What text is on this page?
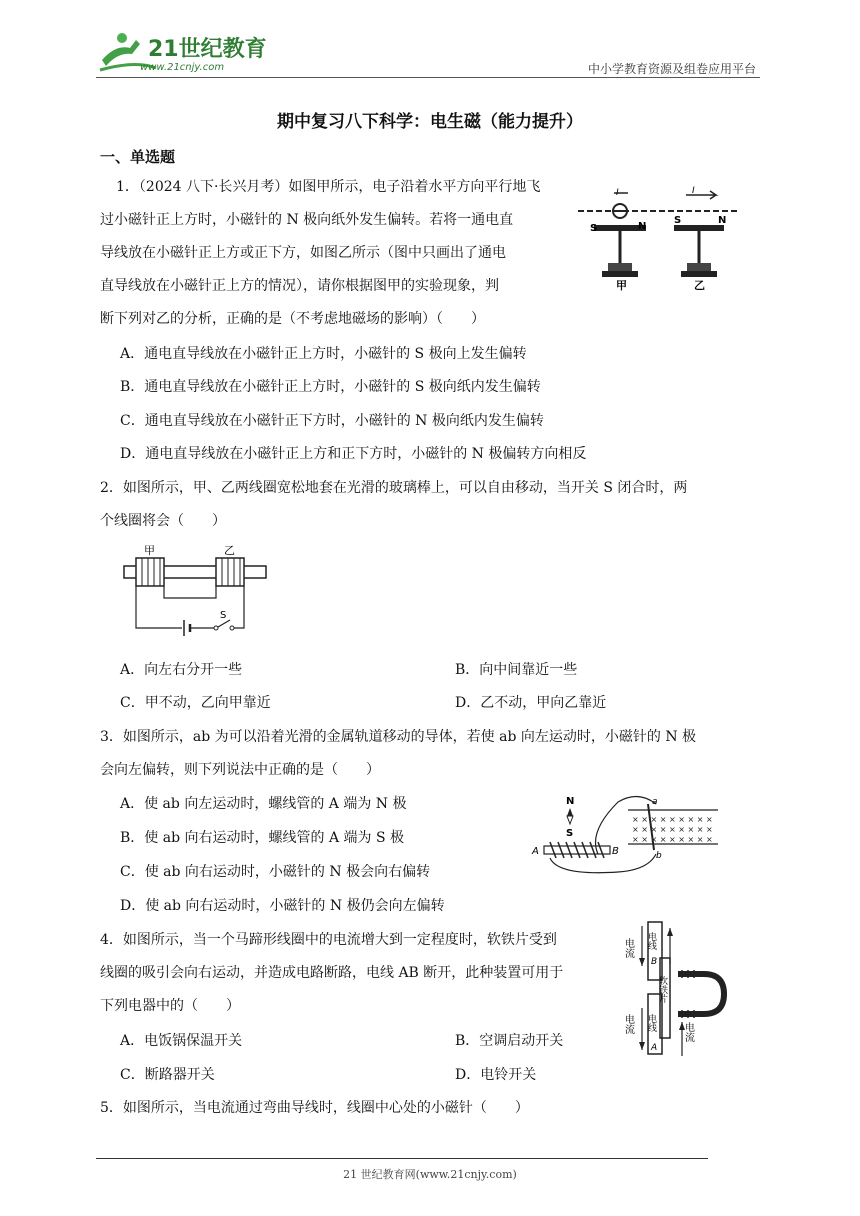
21世纪教育
www.21cnjy.com	中小学教育资源及组卷应用平台
期中复习八下科学：电生磁（能力提升）
一、单选题
1．（2024 八下·长兴月考）如图甲所示，电子沿着水平方向平行地飞
过小磁针正上方时，小磁针的 N 极向纸外发生偏转。若将一通电直
导线放在小磁针正上方或正下方，如图乙所示（图中只画出了通电
直导线放在小磁针正上方的情况），请你根据图甲的实验现象，判
断下列对乙的分析，正确的是（不考虑地磁场的影响）（　　）
I	I
S	N
S	N
甲	乙
A．通电直导线放在小磁针正上方时，小磁针的 S 极向上发生偏转
B．通电直导线放在小磁针正上方时，小磁针的 S 极向纸内发生偏转
C．通电直导线放在小磁针正下方时，小磁针的 N 极向纸内发生偏转
D．通电直导线放在小磁针正上方和正下方时，小磁针的 N 极偏转方向相反
2．如图所示，甲、乙两线圈宽松地套在光滑的玻璃棒上，可以自由移动，当开关 S 闭合时，两
个线圈将会（　　）
甲	乙
S
A．向左右分开一些	B．向中间靠近一些
C．甲不动，乙向甲靠近	D．乙不动，甲向乙靠近
3．如图所示，ab 为可以沿着光滑的金属轨道移动的导体，若使 ab 向左运动时，小磁针的 N 极
会向左偏转，则下列说法中正确的是（　　）
N
S
A	B
a
b
× × × × × × × × ×
× × × × × × × × ×
× × × × × × × × ×
A．使 ab 向左运动时，螺线管的 A 端为 N 极
B．使 ab 向右运动时，螺线管的 A 端为 S 极
C．使 ab 向右运动时，小磁针的 N 极会向右偏转
D．使 ab 向右运动时，小磁针的 N 极仍会向左偏转
4．如图所示，当一个马蹄形线圈中的电流增大到一定程度时，软铁片受到
线圈的吸引会向右运动，并造成电路断路，电线 AB 断开，此种装置可用于
下列电器中的（　　）
电流 电线
B
软铁片
电流 电线
A
电流
A．电饭锅保温开关	B．空调启动开关
C．断路器开关	D．电铃开关
5．如图所示，当电流通过弯曲导线时，线圈中心处的小磁针（　　）
21 世纪教育网(www.21cnjy.com)
